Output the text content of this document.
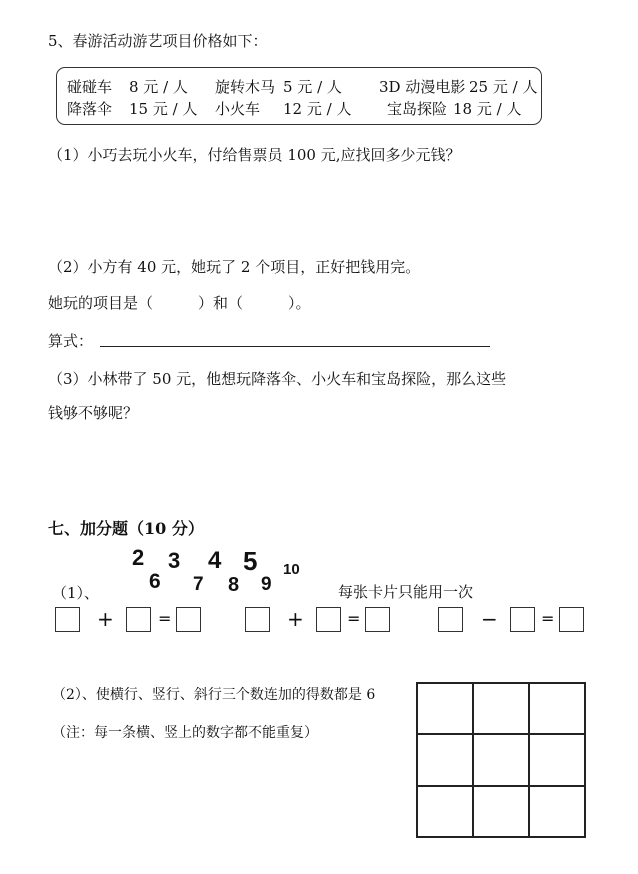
5、春游活动游艺项目价格如下：
碰碰车 8 元 / 人 旋转木马 5 元 / 人 3D 动漫电影 25 元 / 人
降落伞 15 元 / 人 小火车 12 元 / 人 宝岛探险 18 元 / 人
（1）小巧去玩小火车，付给售票员 100 元,应找回多少元钱？
（2）小方有 40 元，她玩了 2 个项目，正好把钱用完。
她玩的项目是（　　　）和（　　　）。
算式：
（3）小林带了 50 元，他想玩降落伞、小火车和宝岛探险，那么这些
钱够不够呢？
七、加分题（10 分）
2 3 4 5
6 7 8 9
10
（1）、	每张卡片只能用一次
+	=	+	=	−	=
（2）、使横行、竖行、斜行三个数连加的得数都是 6
（注：每一条横、竖上的数字都不能重复）
